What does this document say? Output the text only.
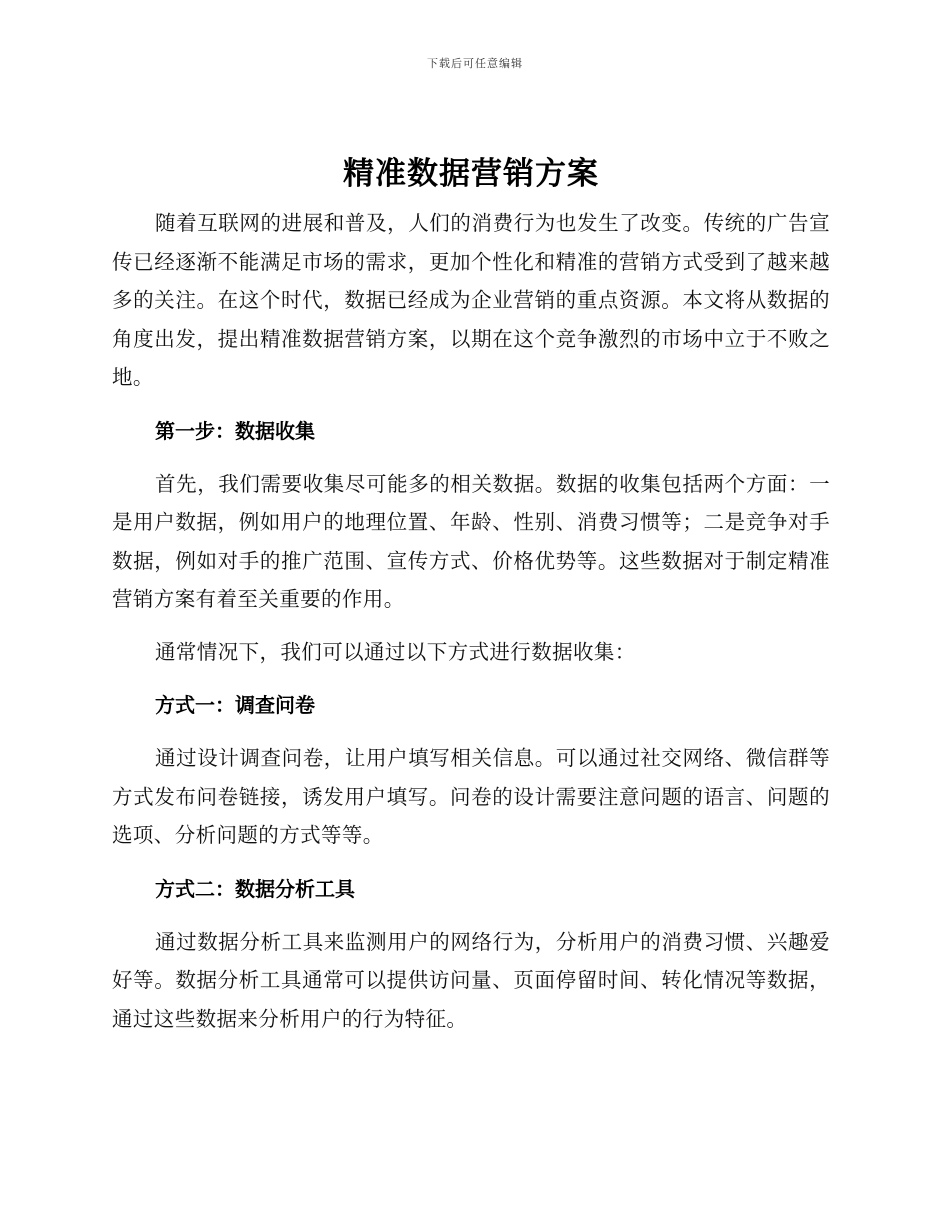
下载后可任意编辑
精准数据营销方案

随着互联网的进展和普及，人们的消费行为也发生了改变。传统的广告宣传已经逐渐不能满足市场的需求，更加个性化和精准的营销方式受到了越来越多的关注。在这个时代，数据已经成为企业营销的重点资源。本文将从数据的角度出发，提出精准数据营销方案，以期在这个竞争激烈的市场中立于不败之地。

第一步：数据收集

首先，我们需要收集尽可能多的相关数据。数据的收集包括两个方面：一是用户数据，例如用户的地理位置、年龄、性别、消费习惯等；二是竞争对手数据，例如对手的推广范围、宣传方式、价格优势等。这些数据对于制定精准营销方案有着至关重要的作用。

通常情况下，我们可以通过以下方式进行数据收集：

方式一：调查问卷

通过设计调查问卷，让用户填写相关信息。可以通过社交网络、微信群等方式发布问卷链接，诱发用户填写。问卷的设计需要注意问题的语言、问题的选项、分析问题的方式等等。

方式二：数据分析工具

通过数据分析工具来监测用户的网络行为，分析用户的消费习惯、兴趣爱好等。数据分析工具通常可以提供访问量、页面停留时间、转化情况等数据，通过这些数据来分析用户的行为特征。
